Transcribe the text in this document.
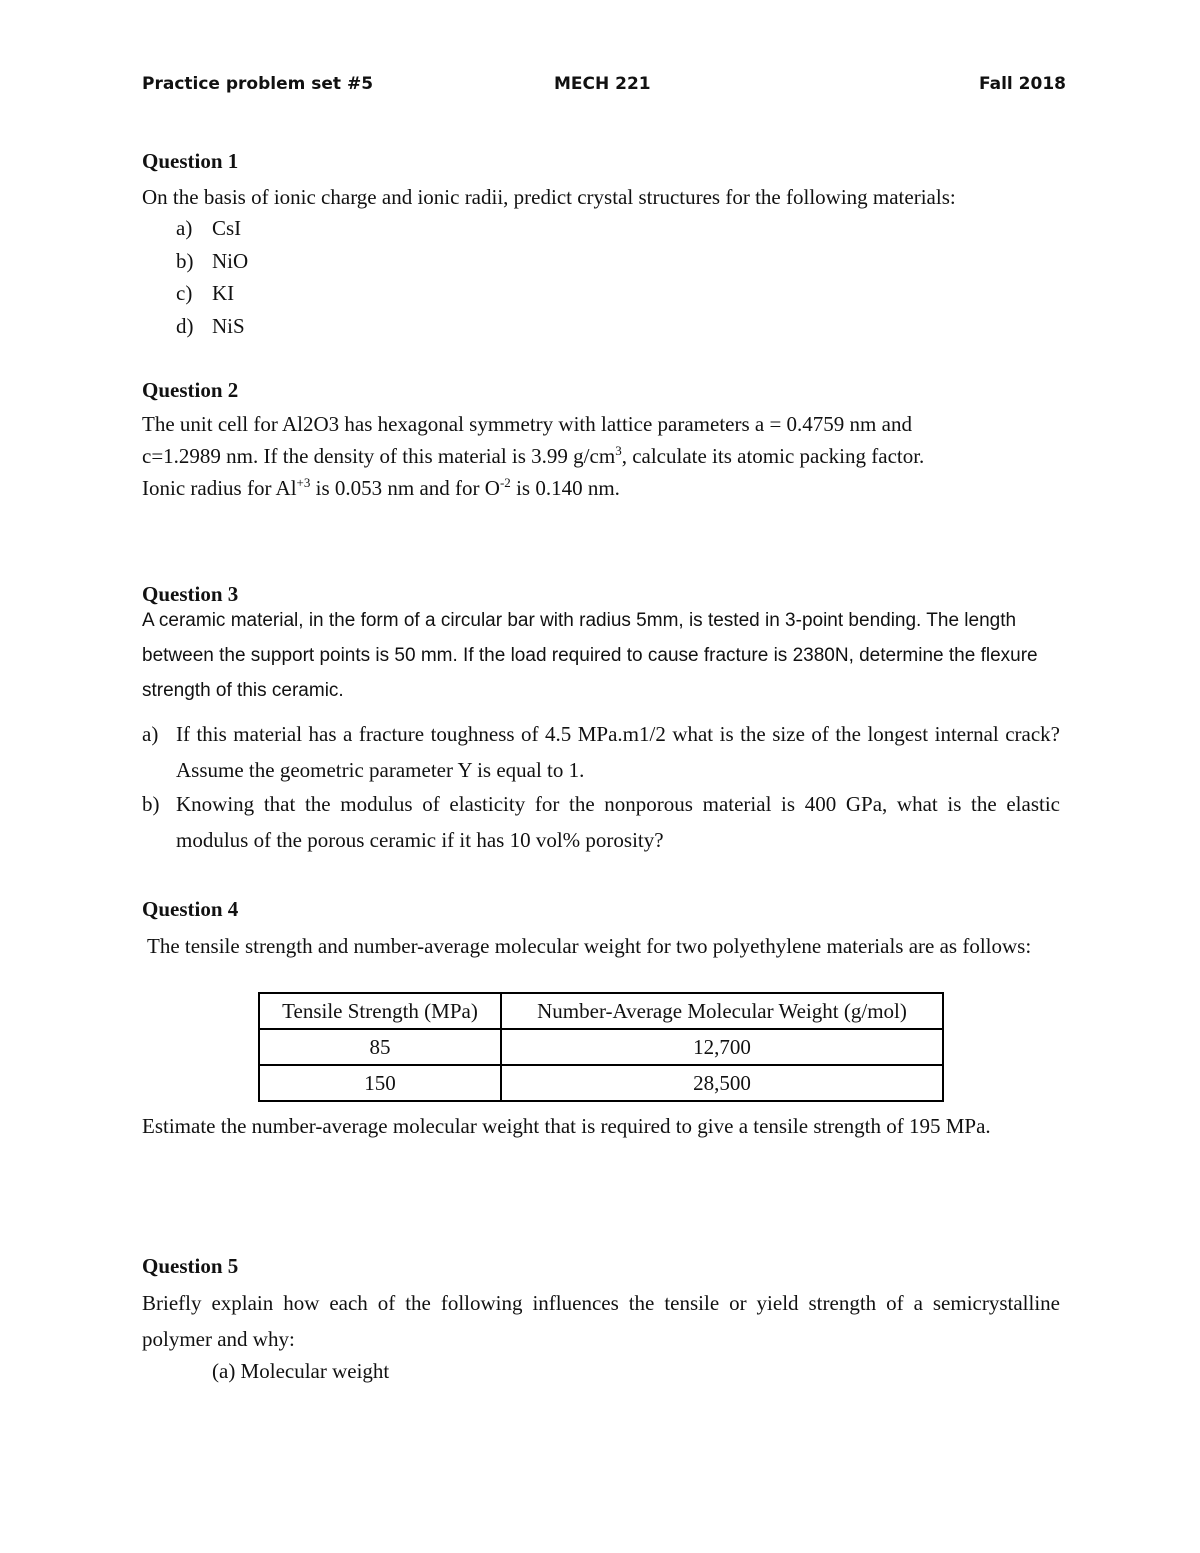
Practice problem set #5	MECH 221	Fall 2018
Question 1
On the basis of ionic charge and ionic radii, predict crystal structures for the following materials:
a) CsI
b) NiO
c) KI
d) NiS
Question 2
The unit cell for Al2O3 has hexagonal symmetry with lattice parameters a = 0.4759 nm and
c=1.2989 nm. If the density of this material is 3.99 $g/cm^3$, calculate its atomic packing factor.
Ionic radius for $Al^{+3}$ is 0.053 nm and for $O^{-2}$ is 0.140 nm.
Question 3
A ceramic material, in the form of a circular bar with radius 5mm, is tested in 3-point bending. The length between the support points is 50 mm. If the load required to cause fracture is 2380N, determine the flexure strength of this ceramic.
a) If this material has a fracture toughness of 4.5 MPa.m1/2 what is the size of the longest internal crack? Assume the geometric parameter Y is equal to 1.
b) Knowing that the modulus of elasticity for the nonporous material is 400 GPa, what is the elastic modulus of the porous ceramic if it has 10 vol% porosity?
Question 4
The tensile strength and number-average molecular weight for two polyethylene materials are as follows:
Tensile Strength (MPa)	Number-Average Molecular Weight (g/mol)
85	12,700
150	28,500
Estimate the number-average molecular weight that is required to give a tensile strength of 195 MPa.
Question 5
Briefly explain how each of the following influences the tensile or yield strength of a semicrystalline polymer and why:
(a) Molecular weight
